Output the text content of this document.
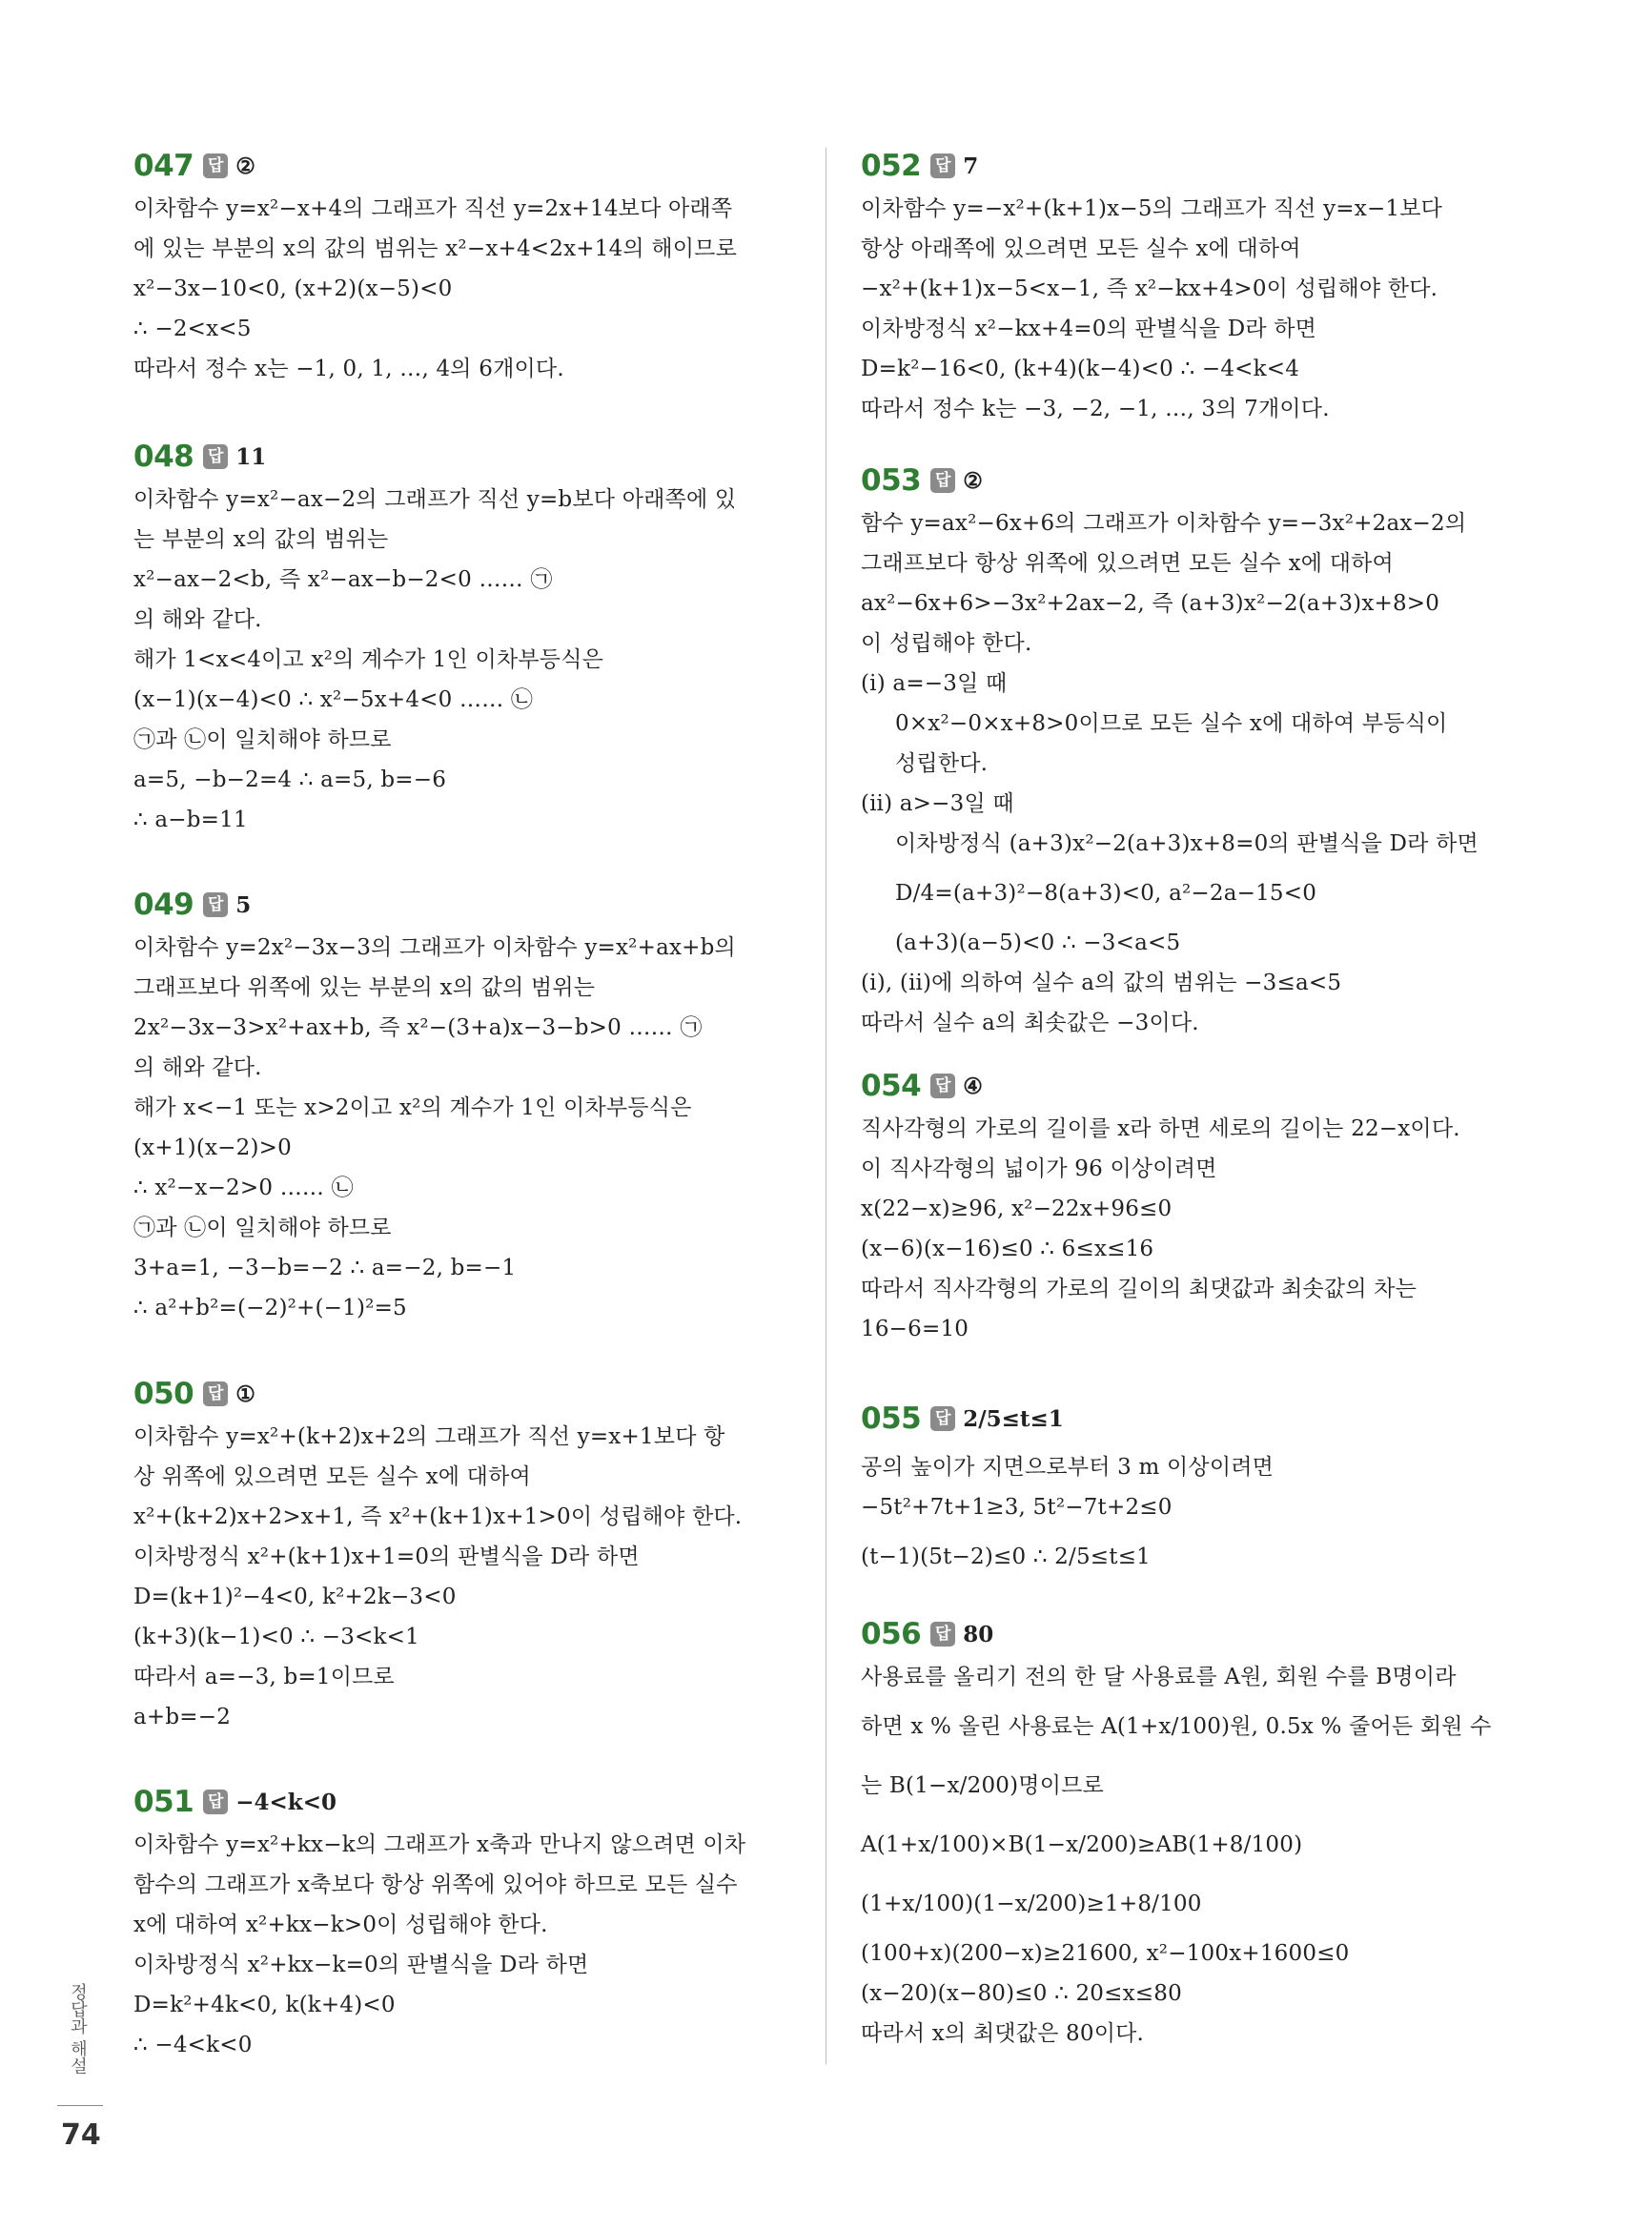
047 답 ②
이차함수 y=x²−x+4의 그래프가 직선 y=2x+14보다 아래쪽
에 있는 부분의 x의 값의 범위는 x²−x+4<2x+14의 해이므로
x²−3x−10<0, (x+2)(x−5)<0
∴ −2<x<5
따라서 정수 x는 −1, 0, 1, …, 4의 6개이다.
048 답 11
이차함수 y=x²−ax−2의 그래프가 직선 y=b보다 아래쪽에 있
는 부분의 x의 값의 범위는
x²−ax−2<b, 즉 x²−ax−b−2<0 …… ㉠
의 해와 같다.
해가 1<x<4이고 x²의 계수가 1인 이차부등식은
(x−1)(x−4)<0 ∴ x²−5x+4<0 …… ㉡
㉠과 ㉡이 일치해야 하므로
a=5, −b−2=4 ∴ a=5, b=−6
∴ a−b=11
049 답 5
이차함수 y=2x²−3x−3의 그래프가 이차함수 y=x²+ax+b의
그래프보다 위쪽에 있는 부분의 x의 값의 범위는
2x²−3x−3>x²+ax+b, 즉 x²−(3+a)x−3−b>0 …… ㉠
의 해와 같다.
해가 x<−1 또는 x>2이고 x²의 계수가 1인 이차부등식은
(x+1)(x−2)>0
∴ x²−x−2>0 …… ㉡
㉠과 ㉡이 일치해야 하므로
3+a=1, −3−b=−2 ∴ a=−2, b=−1
∴ a²+b²=(−2)²+(−1)²=5
050 답 ①
이차함수 y=x²+(k+2)x+2의 그래프가 직선 y=x+1보다 항
상 위쪽에 있으려면 모든 실수 x에 대하여
x²+(k+2)x+2>x+1, 즉 x²+(k+1)x+1>0이 성립해야 한다.
이차방정식 x²+(k+1)x+1=0의 판별식을 D라 하면
D=(k+1)²−4<0, k²+2k−3<0
(k+3)(k−1)<0 ∴ −3<k<1
따라서 a=−3, b=1이므로
a+b=−2
051 답 −4<k<0
이차함수 y=x²+kx−k의 그래프가 x축과 만나지 않으려면 이차
함수의 그래프가 x축보다 항상 위쪽에 있어야 하므로 모든 실수
x에 대하여 x²+kx−k>0이 성립해야 한다.
이차방정식 x²+kx−k=0의 판별식을 D라 하면
D=k²+4k<0, k(k+4)<0
∴ −4<k<0
052 답 7
이차함수 y=−x²+(k+1)x−5의 그래프가 직선 y=x−1보다
항상 아래쪽에 있으려면 모든 실수 x에 대하여
−x²+(k+1)x−5<x−1, 즉 x²−kx+4>0이 성립해야 한다.
이차방정식 x²−kx+4=0의 판별식을 D라 하면
D=k²−16<0, (k+4)(k−4)<0 ∴ −4<k<4
따라서 정수 k는 −3, −2, −1, …, 3의 7개이다.
053 답 ②
함수 y=ax²−6x+6의 그래프가 이차함수 y=−3x²+2ax−2의
그래프보다 항상 위쪽에 있으려면 모든 실수 x에 대하여
ax²−6x+6>−3x²+2ax−2, 즉 (a+3)x²−2(a+3)x+8>0
이 성립해야 한다.
(ⅰ) a=−3일 때
0×x²−0×x+8>0이므로 모든 실수 x에 대하여 부등식이
성립한다.
(ⅱ) a>−3일 때
이차방정식 (a+3)x²−2(a+3)x+8=0의 판별식을 D라 하면
D/4=(a+3)²−8(a+3)<0, a²−2a−15<0
(a+3)(a−5)<0 ∴ −3<a<5
(ⅰ), (ⅱ)에 의하여 실수 a의 값의 범위는 −3≤a<5
따라서 실수 a의 최솟값은 −3이다.
054 답 ④
직사각형의 가로의 길이를 x라 하면 세로의 길이는 22−x이다.
이 직사각형의 넓이가 96 이상이려면
x(22−x)≥96, x²−22x+96≤0
(x−6)(x−16)≤0 ∴ 6≤x≤16
따라서 직사각형의 가로의 길이의 최댓값과 최솟값의 차는
16−6=10
055 답 2/5≤t≤1
공의 높이가 지면으로부터 3 m 이상이려면
−5t²+7t+1≥3, 5t²−7t+2≤0
(t−1)(5t−2)≤0 ∴ 2/5≤t≤1
056 답 80
사용료를 올리기 전의 한 달 사용료를 A원, 회원 수를 B명이라
하면 x % 올린 사용료는 A(1+x/100)원, 0.5x % 줄어든 회원 수
는 B(1−x/200)명이므로
A(1+x/100)×B(1−x/200)≥AB(1+8/100)
(1+x/100)(1−x/200)≥1+8/100
(100+x)(200−x)≥21600, x²−100x+1600≤0
(x−20)(x−80)≤0 ∴ 20≤x≤80
따라서 x의 최댓값은 80이다.
정답과 해설
74
